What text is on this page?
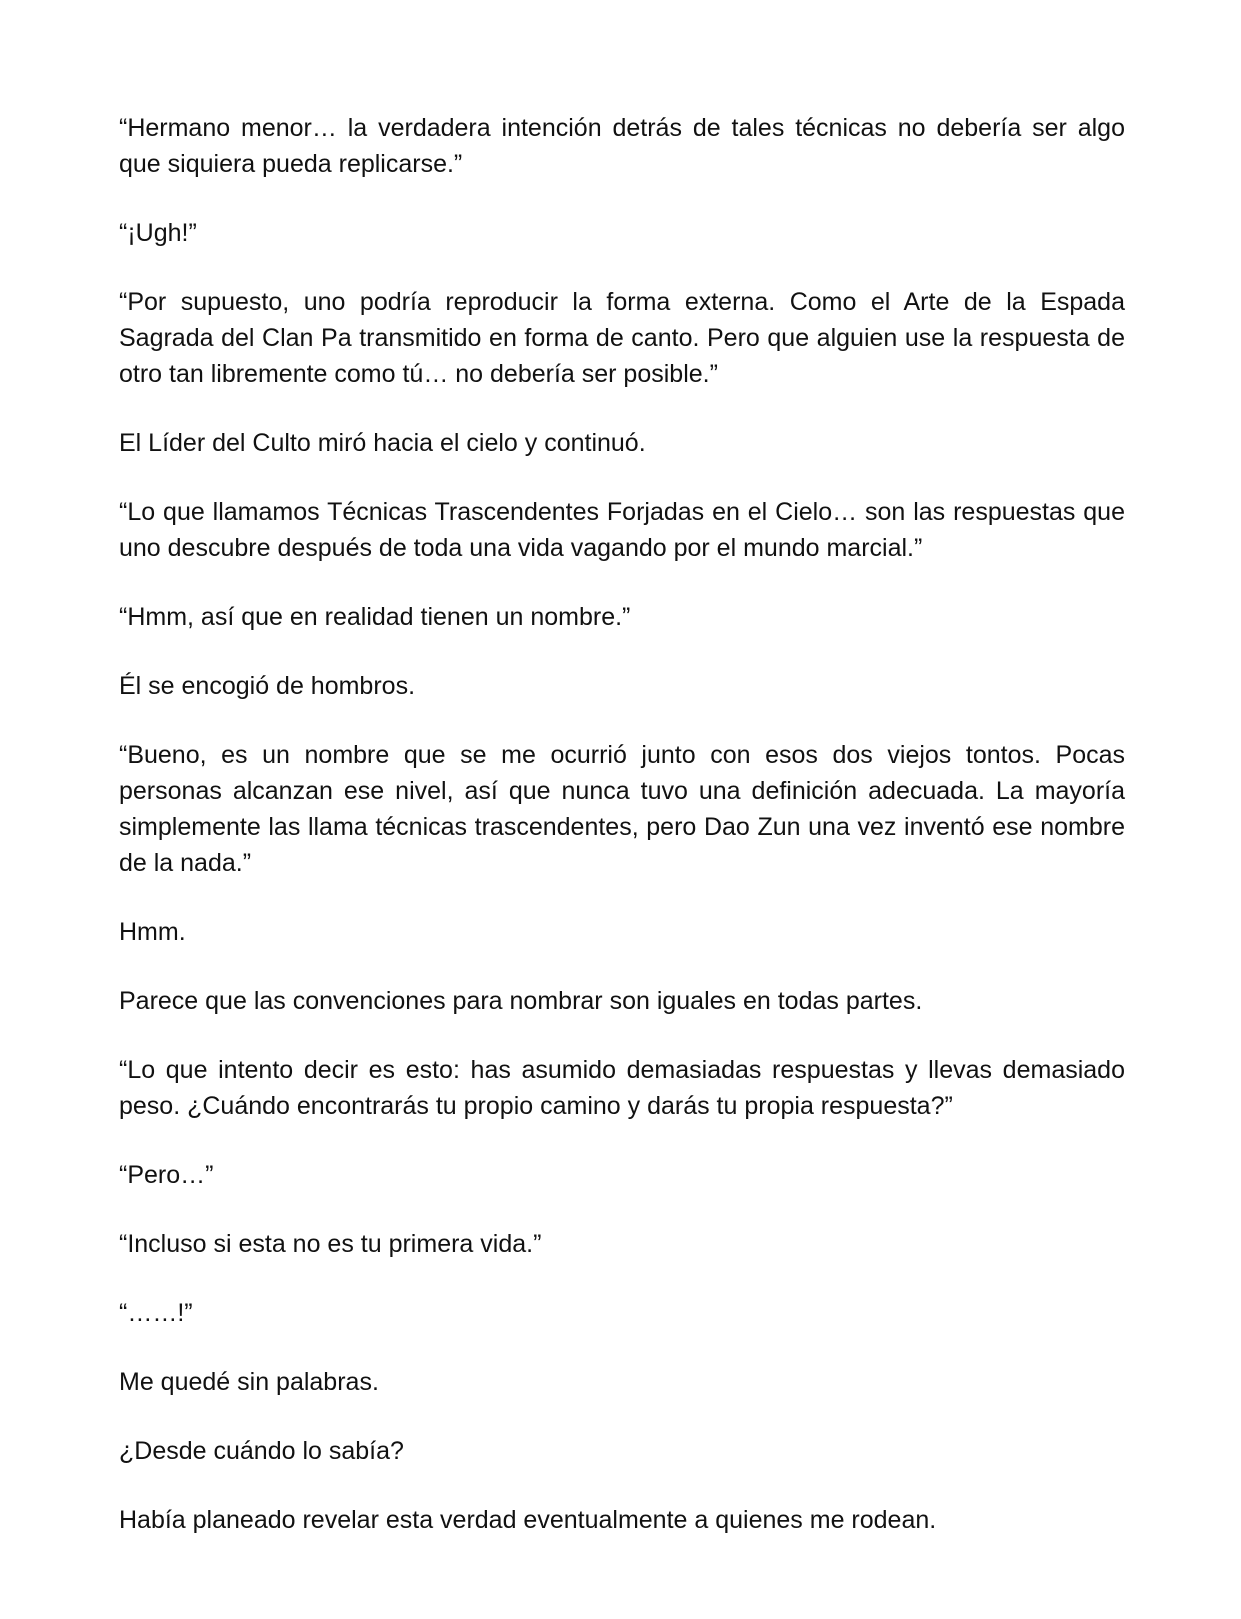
“Hermano menor… la verdadera intención detrás de tales técnicas no debería ser algo que siquiera pueda replicarse.”

“¡Ugh!”

“Por supuesto, uno podría reproducir la forma externa. Como el Arte de la Espada Sagrada del Clan Pa transmitido en forma de canto. Pero que alguien use la respuesta de otro tan libremente como tú… no debería ser posible.”

El Líder del Culto miró hacia el cielo y continuó.

“Lo que llamamos Técnicas Trascendentes Forjadas en el Cielo… son las respuestas que uno descubre después de toda una vida vagando por el mundo marcial.”

“Hmm, así que en realidad tienen un nombre.”

Él se encogió de hombros.

“Bueno, es un nombre que se me ocurrió junto con esos dos viejos tontos. Pocas personas alcanzan ese nivel, así que nunca tuvo una definición adecuada. La mayoría simplemente las llama técnicas trascendentes, pero Dao Zun una vez inventó ese nombre de la nada.”

Hmm.

Parece que las convenciones para nombrar son iguales en todas partes.

“Lo que intento decir es esto: has asumido demasiadas respuestas y llevas demasiado peso. ¿Cuándo encontrarás tu propio camino y darás tu propia respuesta?”

“Pero…”

“Incluso si esta no es tu primera vida.”

“……!”

Me quedé sin palabras.

¿Desde cuándo lo sabía?

Había planeado revelar esta verdad eventualmente a quienes me rodean.
